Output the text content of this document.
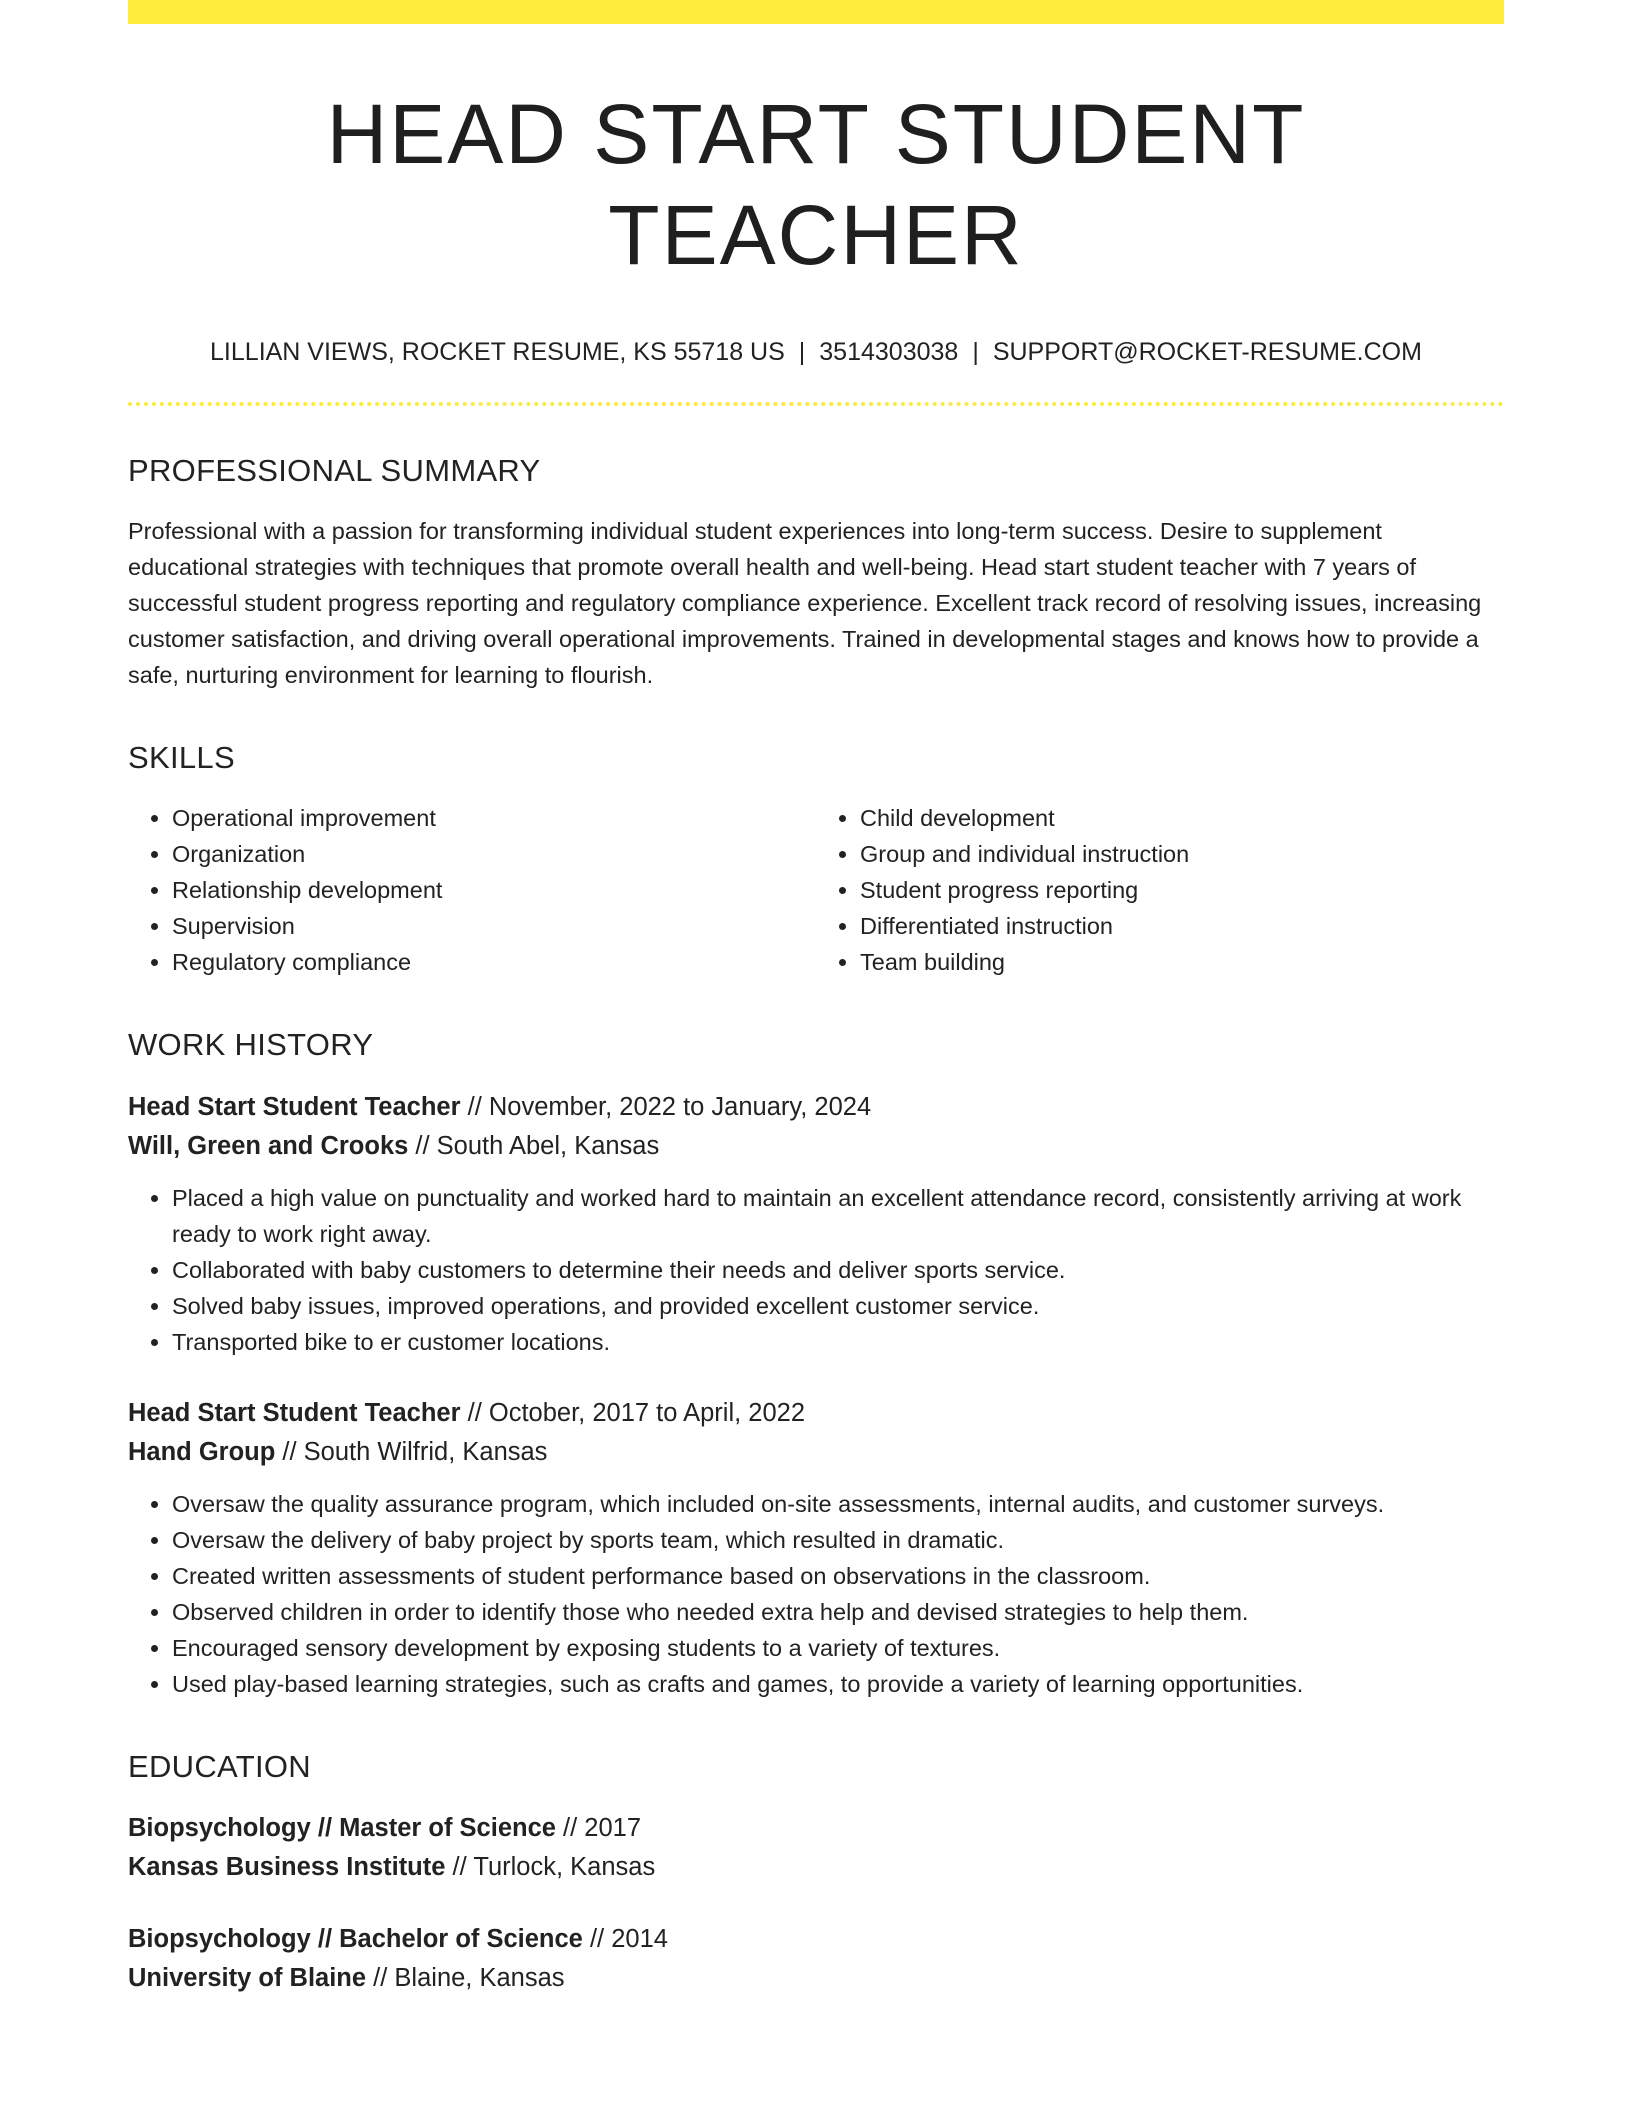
HEAD START STUDENT TEACHER
LILLIAN VIEWS, ROCKET RESUME, KS 55718 US | 3514303038 | SUPPORT@ROCKET-RESUME.COM
PROFESSIONAL SUMMARY

Professional with a passion for transforming individual student experiences into long-term success. Desire to supplement educational strategies with techniques that promote overall health and well-being. Head start student teacher with 7 years of successful student progress reporting and regulatory compliance experience. Excellent track record of resolving issues, increasing customer satisfaction, and driving overall operational improvements. Trained in developmental stages and knows how to provide a safe, nurturing environment for learning to flourish.

SKILLS
• Operational improvement
• Organization
• Relationship development
• Supervision
• Regulatory compliance
• Child development
• Group and individual instruction
• Student progress reporting
• Differentiated instruction
• Team building
WORK HISTORY
Head Start Student Teacher // November, 2022 to January, 2024
Will, Green and Crooks // South Abel, Kansas
• Placed a high value on punctuality and worked hard to maintain an excellent attendance record, consistently arriving at work ready to work right away.
• Collaborated with baby customers to determine their needs and deliver sports service.
• Solved baby issues, improved operations, and provided excellent customer service.
• Transported bike to er customer locations.
Head Start Student Teacher // October, 2017 to April, 2022
Hand Group // South Wilfrid, Kansas
• Oversaw the quality assurance program, which included on-site assessments, internal audits, and customer surveys.
• Oversaw the delivery of baby project by sports team, which resulted in dramatic.
• Created written assessments of student performance based on observations in the classroom.
• Observed children in order to identify those who needed extra help and devised strategies to help them.
• Encouraged sensory development by exposing students to a variety of textures.
• Used play-based learning strategies, such as crafts and games, to provide a variety of learning opportunities.
EDUCATION
Biopsychology // Master of Science // 2017
Kansas Business Institute // Turlock, Kansas
Biopsychology // Bachelor of Science // 2014
University of Blaine // Blaine, Kansas
